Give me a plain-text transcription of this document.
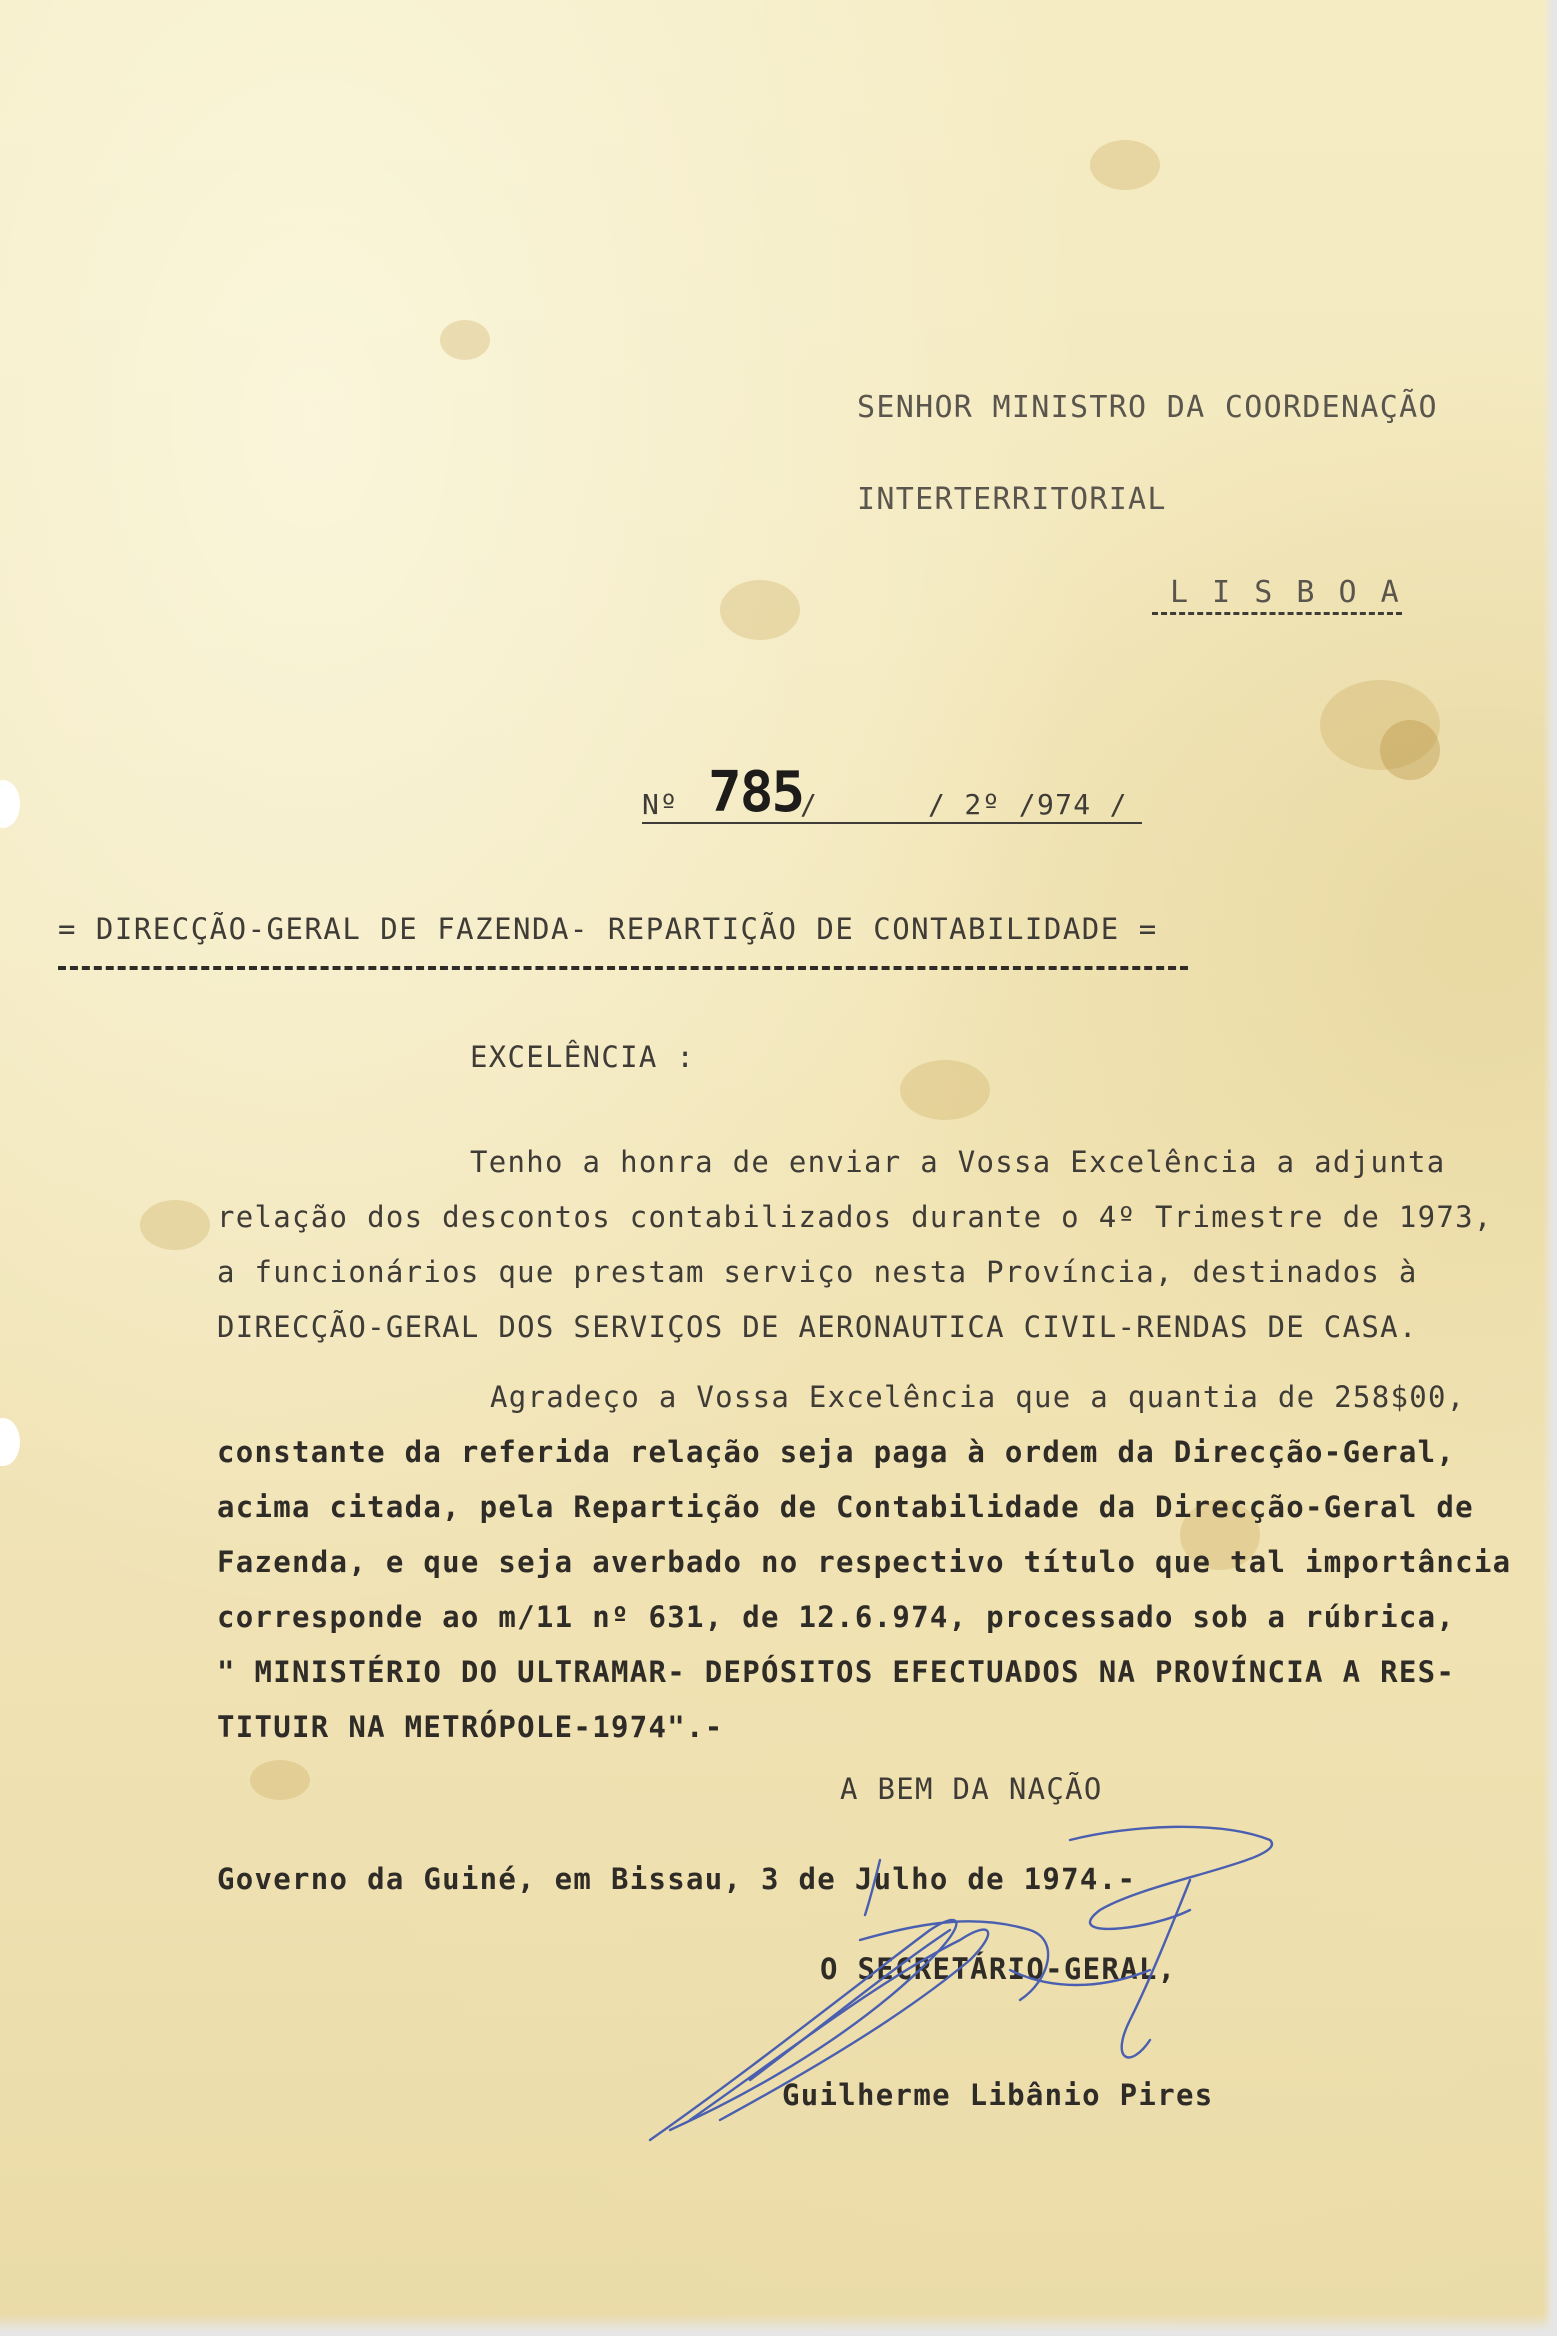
SENHOR MINISTRO DA COORDENAÇÃO
INTERTERRITORIAL
L I S B O A
Nº 785
/	/ 2º /974 /
= DIRECÇÃO-GERAL DE FAZENDA- REPARTIÇÃO DE CONTABILIDADE =
EXCELÊNCIA :
Tenho a honra de enviar a Vossa Excelência a adjunta
relação dos descontos contabilizados durante o 4º Trimestre de 1973,
a funcionários que prestam serviço nesta Província, destinados à
DIRECÇÃO-GERAL DOS SERVIÇOS DE AERONAUTICA CIVIL-RENDAS DE CASA.
Agradeço a Vossa Excelência que a quantia de 258$00,
constante da referida relação seja paga à ordem da Direcção-Geral,
acima citada, pela Repartição de Contabilidade da Direcção-Geral de
Fazenda, e que seja averbado no respectivo título que tal importância
corresponde ao m/11 nº 631, de 12.6.974, processado sob a rúbrica,
" MINISTÉRIO DO ULTRAMAR- DEPÓSITOS EFECTUADOS NA PROVÍNCIA A RES-
TITUIR NA METRÓPOLE-1974".-
A BEM DA NAÇÃO
Governo da Guiné, em Bissau, 3 de Julho de 1974.-
O SECRETÁRIO-GERAL,
Guilherme Libânio Pires
